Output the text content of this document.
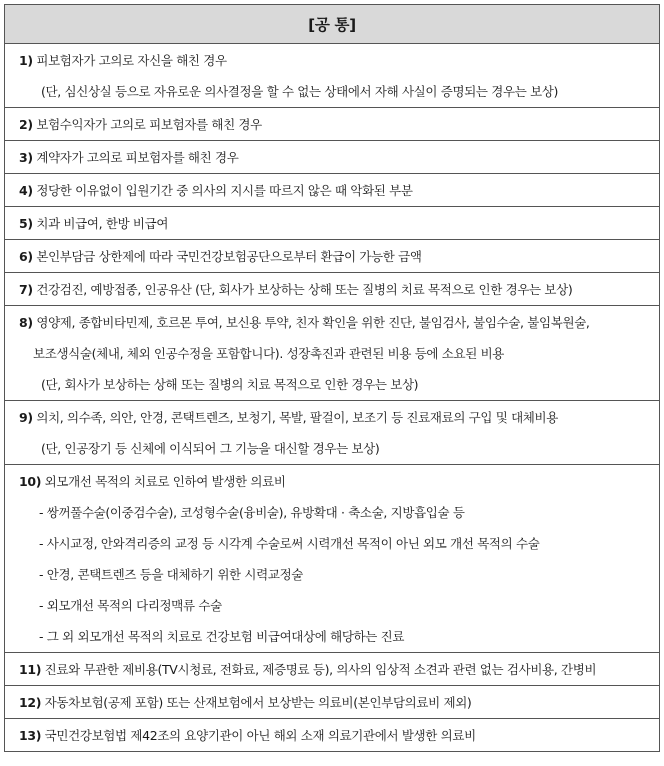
[공 통]

1) 피보험자가 고의로 자신을 해친 경우
(단, 심신상실 등으로 자유로운 의사결정을 할 수 없는 상태에서 자해 사실이 증명되는 경우는 보상)

2) 보험수익자가 고의로 피보험자를 해친 경우

3) 계약자가 고의로 피보험자를 해친 경우

4) 정당한 이유없이 입원기간 중 의사의 지시를 따르지 않은 때 악화된 부분

5) 치과 비급여, 한방 비급여

6) 본인부담금 상한제에 따라 국민건강보험공단으로부터 환급이 가능한 금액

7) 건강검진, 예방접종, 인공유산 (단, 회사가 보상하는 상해 또는 질병의 치료 목적으로 인한 경우는 보상)

8) 영양제, 종합비타민제, 호르몬 투여, 보신용 투약, 친자 확인을 위한 진단, 불임검사, 불임수술, 불임복원술,
보조생식술(체내, 체외 인공수정을 포함합니다). 성장촉진과 관련된 비용 등에 소요된 비용
(단, 회사가 보상하는 상해 또는 질병의 치료 목적으로 인한 경우는 보상)

9) 의치, 의수족, 의안, 안경, 콘택트렌즈, 보청기, 목발, 팔걸이, 보조기 등 진료재료의 구입 및 대체비용
(단, 인공장기 등 신체에 이식되어 그 기능을 대신할 경우는 보상)

10) 외모개선 목적의 치료로 인하여 발생한 의료비
- 쌍꺼풀수술(이중검수술), 코성형수술(융비술), 유방확대 · 축소술, 지방흡입술 등
- 사시교정, 안와격리증의 교정 등 시각계 수술로써 시력개선 목적이 아닌 외모 개선 목적의 수술
- 안경, 콘택트렌즈 등을 대체하기 위한 시력교정술
- 외모개선 목적의 다리정맥류 수술
- 그 외 외모개선 목적의 치료로 건강보험 비급여대상에 해당하는 진료

11) 진료와 무관한 제비용(TV시청료, 전화료, 제증명료 등), 의사의 임상적 소견과 관련 없는 검사비용, 간병비

12) 자동차보험(공제 포함) 또는 산재보험에서 보상받는 의료비(본인부담의료비 제외)

13) 국민건강보험법 제42조의 요양기관이 아닌 해외 소재 의료기관에서 발생한 의료비
